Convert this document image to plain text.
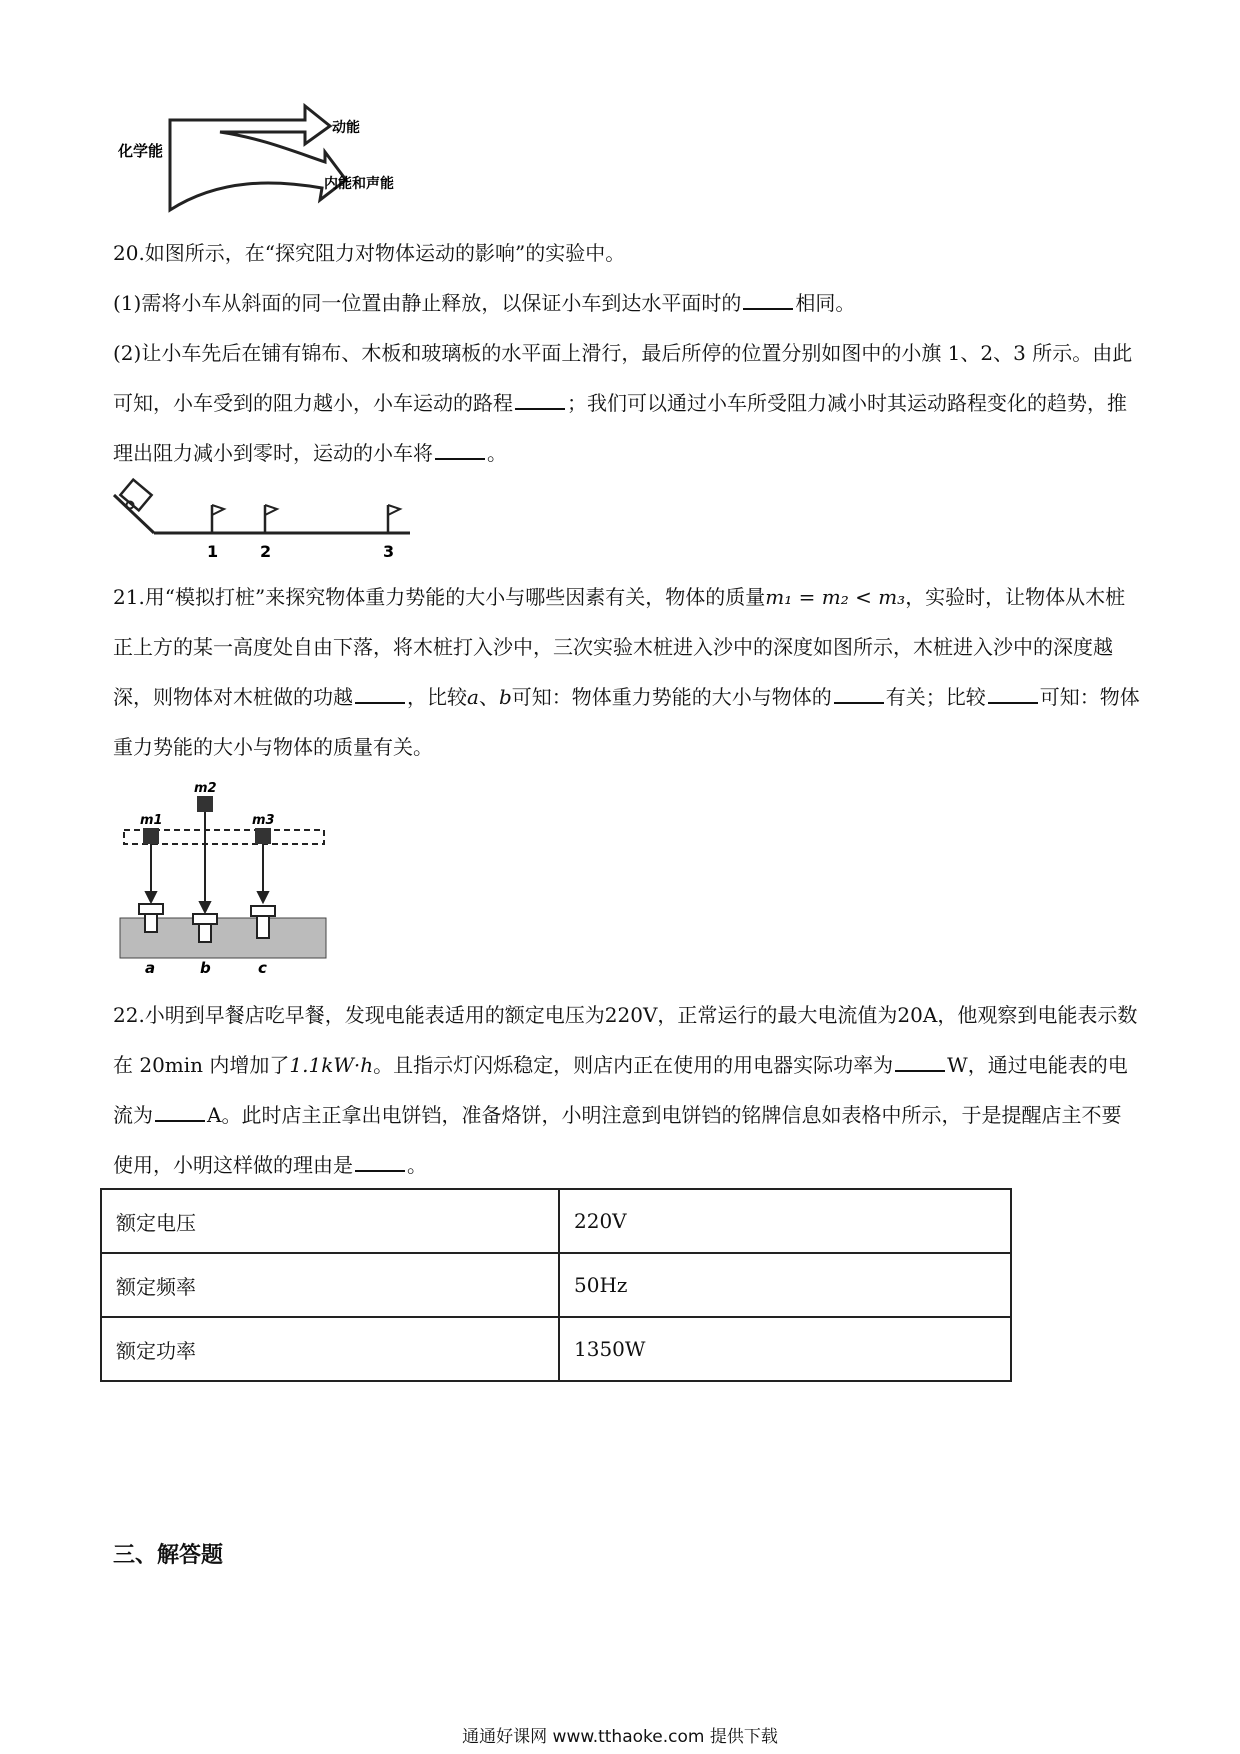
化学能
动能
内能和声能

20.如图所示，在“探究阻力对物体运动的影响”的实验中。

(1)需将小车从斜面的同一位置由静止释放，以保证小车到达水平面时的	相同。

(2)让小车先后在铺有锦布、木板和玻璃板的水平面上滑行，最后所停的位置分别如图中的小旗 1、2、3 所示。由此可知，小车受到的阻力越小，小车运动的路程	；我们可以通过小车所受阻力减小时其运动路程变化的趋势，推理出阻力减小到零时，运动的小车将	。

1	2	3

21.用“模拟打桩”来探究物体重力势能的大小与哪些因素有关，物体的质量m₁ = m₂ < m₃，实验时，让物体从木桩正上方的某一高度处自由下落，将木桩打入沙中，三次实验木桩进入沙中的深度如图所示，木桩进入沙中的深度越深，则物体对木桩做的功越	，比较a、b可知：物体重力势能的大小与物体的	有关；比较	可知：物体重力势能的大小与物体的质量有关。

m1
m2
m3
a	b	c

22.小明到早餐店吃早餐，发现电能表适用的额定电压为220V，正常运行的最大电流值为20A，他观察到电能表示数在 20min 内增加了1.1kW·h。且指示灯闪烁稳定，则店内正在使用的用电器实际功率为	W，通过电能表的电流为	A。此时店主正拿出电饼铛，准备烙饼，小明注意到电饼铛的铭牌信息如表格中所示，于是提醒店主不要使用，小明这样做的理由是	。

额定电压	220V
额定频率	50Hz
额定功率	1350W
三、解答题
通通好课网 www.tthaoke.com 提供下载
